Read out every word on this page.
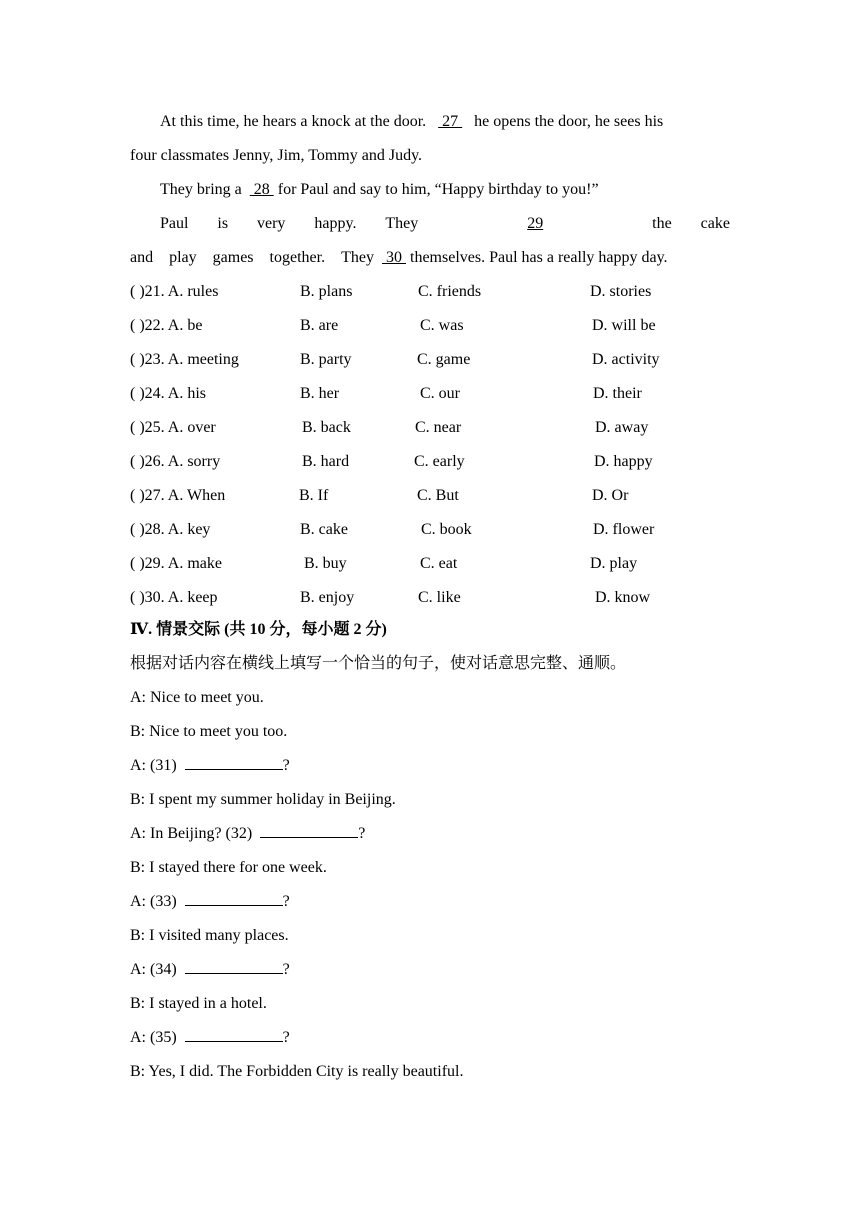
At this time, he hears a knock at the door.    27    he opens the door, he sees his
four classmates Jenny, Jim, Tommy and Judy.
They bring a   28  for Paul and say to him, “Happy birthday to you!”
Paul is very happy. They	29	the cake
and play games together. They 30  themselves. Paul has a really happy day.
( )21. A. rules	B. plans	C. friends	D. stories
( )22. A. be	B. are	C. was	D. will be
( )23. A. meeting	B. party	C. game	D. activity
( )24. A. his	B. her	C. our	D. their
( )25. A. over	B. back	C. near	D. away
( )26. A. sorry	B. hard	C. early	D. happy
( )27. A. When	B. If	C. But	D. Or
( )28. A. key	B. cake	C. book	D. flower
( )29. A. make	B. buy	C. eat	D. play
( )30. A. keep	B. enjoy	C. like	D. know
Ⅳ. 情景交际 (共 10 分，每小题 2 分)
根据对话内容在横线上填写一个恰当的句子，使对话意思完整、通顺。
A: Nice to meet you.
B: Nice to meet you too.
A: (31)	?
B: I spent my summer holiday in Beijing.
A: In Beijing? (32)	?
B: I stayed there for one week.
A: (33)	?
B: I visited many places.
A: (34)	?
B: I stayed in a hotel.
A: (35)	?
B: Yes, I did. The Forbidden City is really beautiful.
